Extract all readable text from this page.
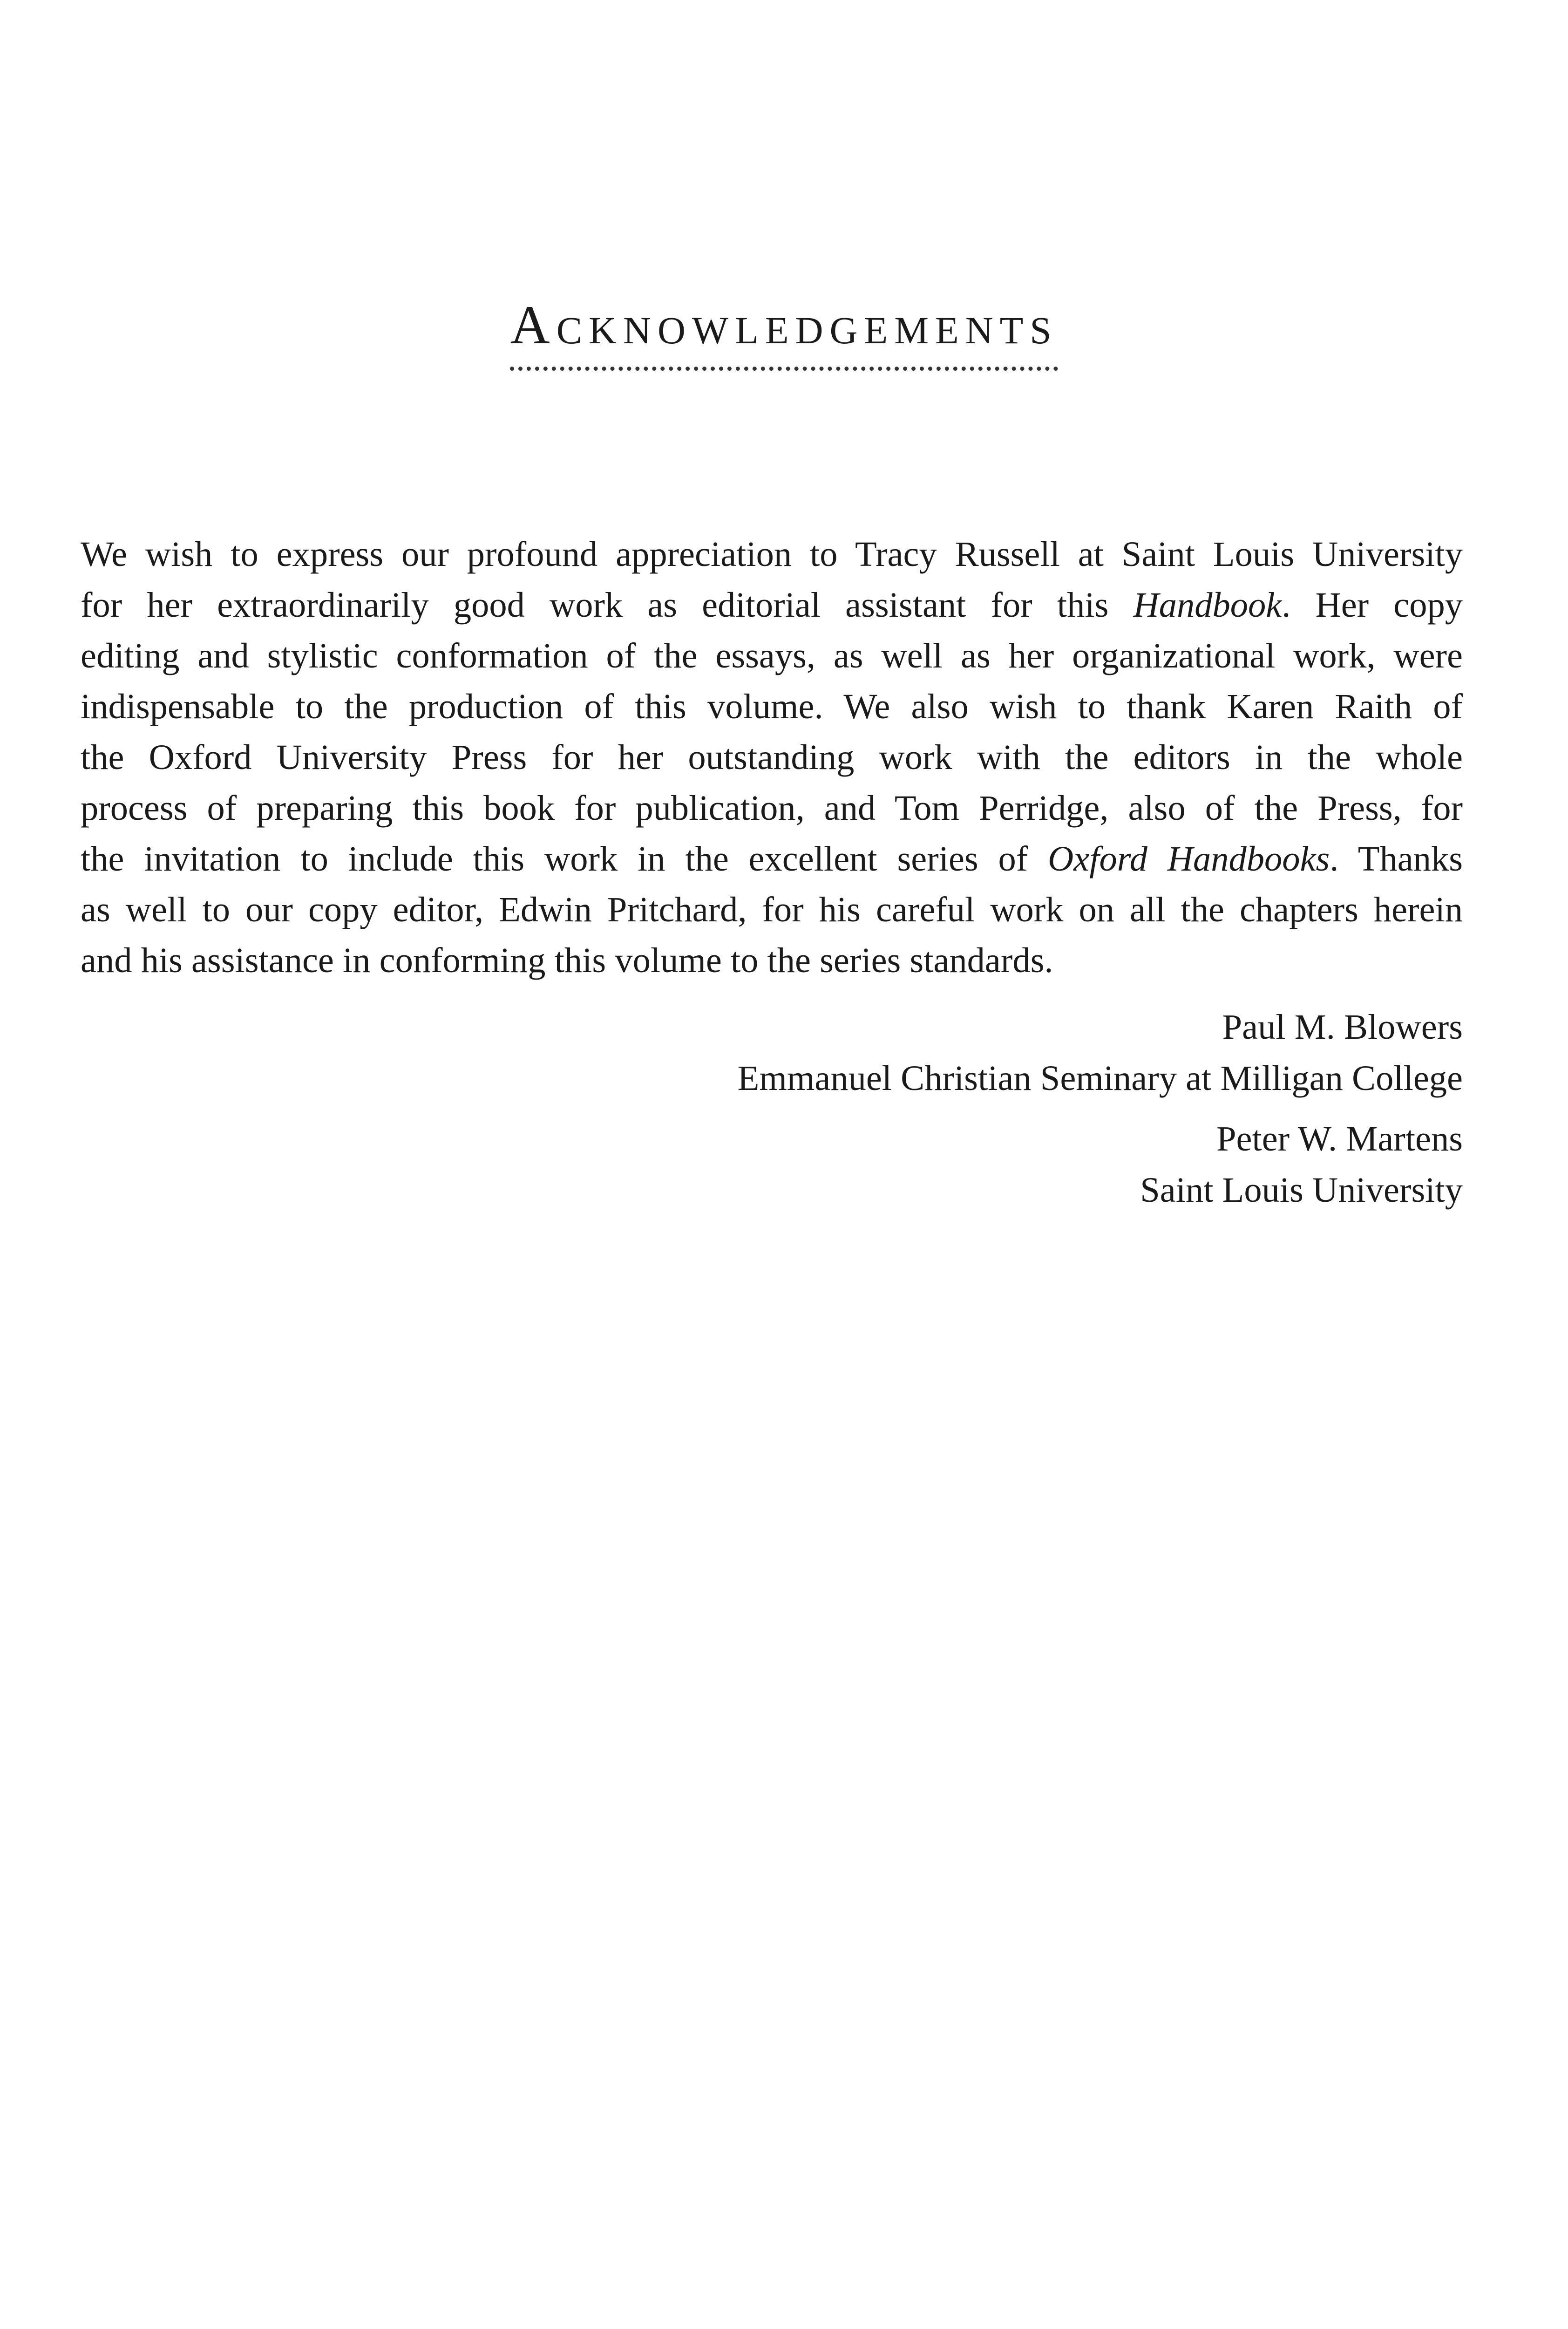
Acknowledgements
We wish to express our profound appreciation to Tracy Russell at Saint Louis University
for her extraordinarily good work as editorial assistant for this Handbook. Her copy
editing and stylistic conformation of the essays, as well as her organizational work, were
indispensable to the production of this volume. We also wish to thank Karen Raith of
the Oxford University Press for her outstanding work with the editors in the whole
process of preparing this book for publication, and Tom Perridge, also of the Press, for
the invitation to include this work in the excellent series of Oxford Handbooks. Thanks
as well to our copy editor, Edwin Pritchard, for his careful work on all the chapters herein
and his assistance in conforming this volume to the series standards.
Paul M. Blowers
Emmanuel Christian Seminary at Milligan College
Peter W. Martens
Saint Louis University
